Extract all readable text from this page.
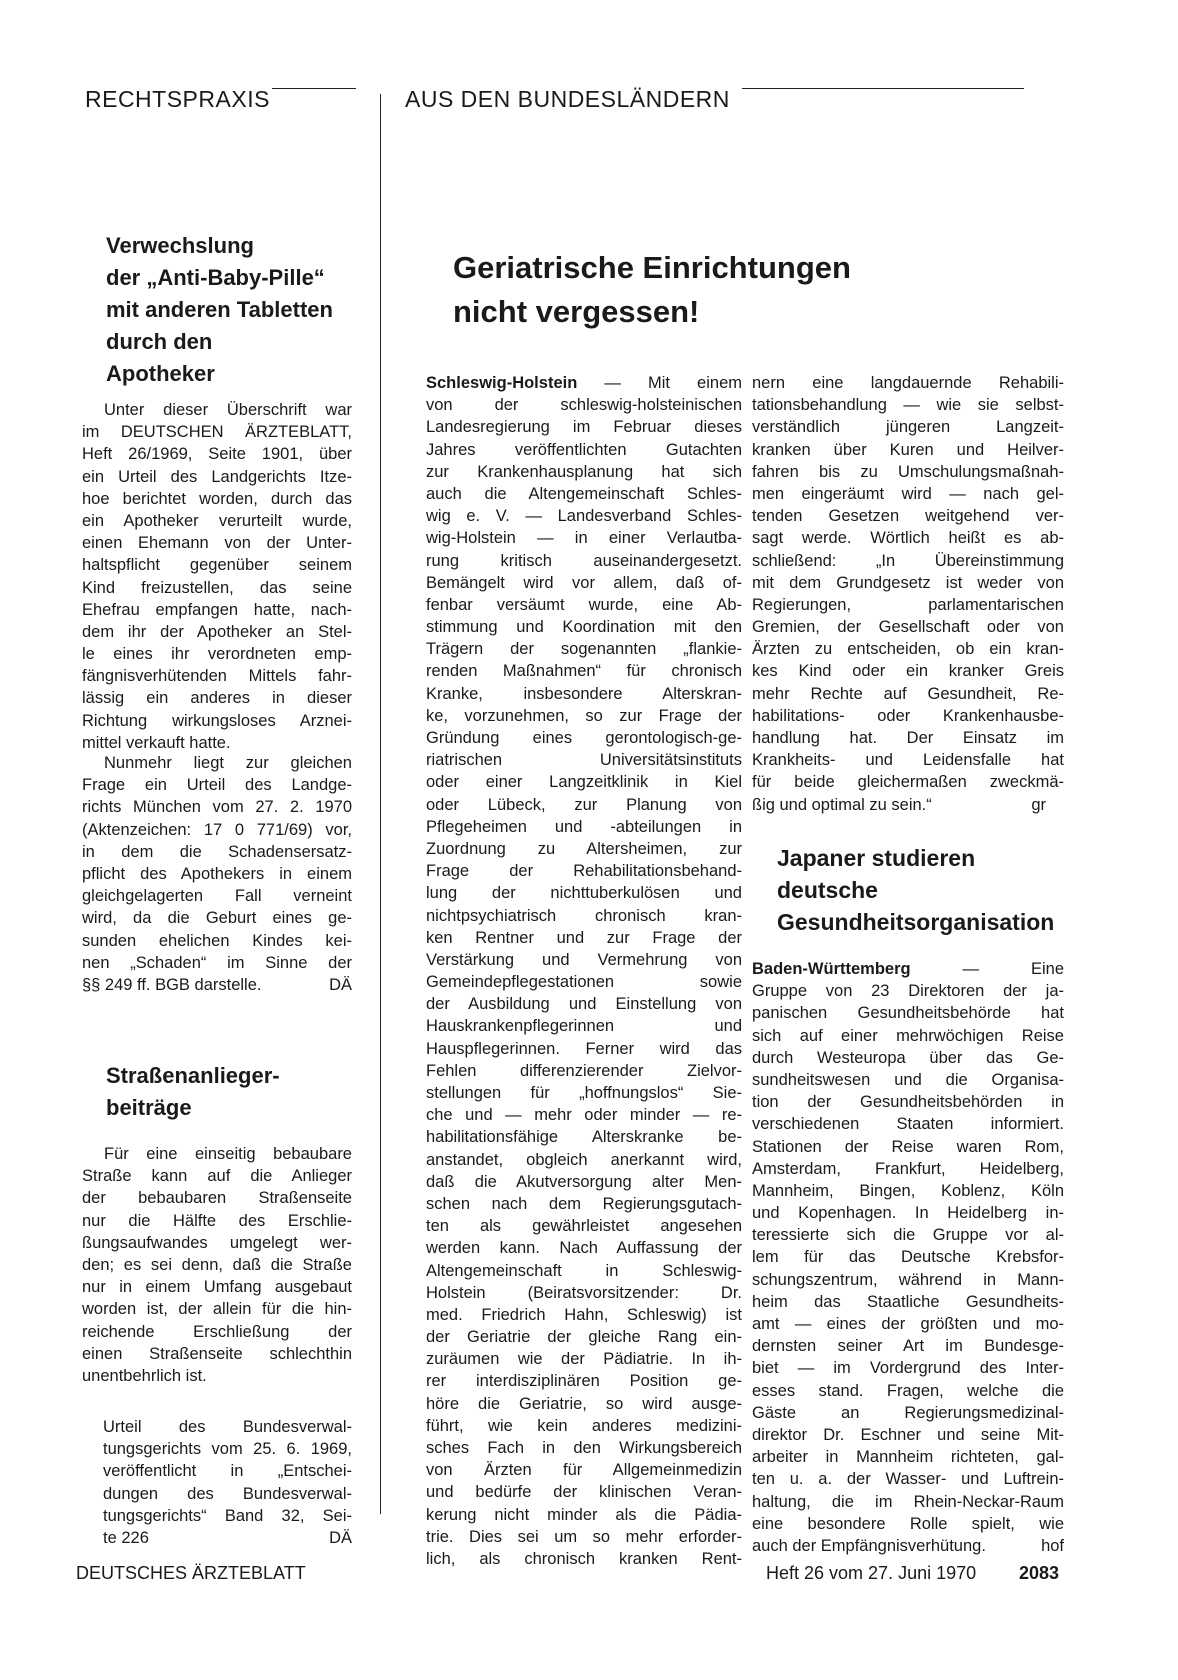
RECHTSPRAXIS	AUS DEN BUNDESLÄNDERN
Verwechslung
der „Anti-Baby-Pille“
mit anderen Tabletten
durch den
Apotheker
Unter dieser Überschrift war
im DEUTSCHEN ÄRZTEBLATT,
Heft 26/1969, Seite 1901, über
ein Urteil des Landgerichts Itze-
hoe berichtet worden, durch das
ein Apotheker verurteilt wurde,
einen Ehemann von der Unter-
haltspflicht gegenüber seinem
Kind freizustellen, das seine
Ehefrau empfangen hatte, nach-
dem ihr der Apotheker an Stel-
le eines ihr verordneten emp-
fängnisverhütenden Mittels fahr-
lässig ein anderes in dieser
Richtung wirkungsloses Arznei-
mittel verkauft hatte.
Nunmehr liegt zur gleichen
Frage ein Urteil des Landge-
richts München vom 27. 2. 1970
(Aktenzeichen: 17 0 771/69) vor,
in dem die Schadensersatz-
pflicht des Apothekers in einem
gleichgelagerten Fall verneint
wird, da die Geburt eines ge-
sunden ehelichen Kindes kei-
nen „Schaden“ im Sinne der
§§ 249 ff. BGB darstelle.	DÄ
Straßenanlieger-
beiträge
Für eine einseitig bebaubare
Straße kann auf die Anlieger
der bebaubaren Straßenseite
nur die Hälfte des Erschlie-
ßungsaufwandes umgelegt wer-
den; es sei denn, daß die Straße
nur in einem Umfang ausgebaut
worden ist, der allein für die hin-
reichende Erschließung der
einen Straßenseite schlechthin
unentbehrlich ist.
Urteil des Bundesverwal-
tungsgerichts vom 25. 6. 1969,
veröffentlicht in „Entschei-
dungen des Bundesverwal-
tungsgerichts“ Band 32, Sei-
te 226	DÄ
Geriatrische Einrichtungen
nicht vergessen!
Schleswig-Holstein — Mit einem
von der schleswig-holsteinischen
Landesregierung im Februar dieses
Jahres veröffentlichten Gutachten
zur Krankenhausplanung hat sich
auch die Altengemeinschaft Schles-
wig e. V. — Landesverband Schles-
wig-Holstein — in einer Verlautba-
rung kritisch auseinandergesetzt.
Bemängelt wird vor allem, daß of-
fenbar versäumt wurde, eine Ab-
stimmung und Koordination mit den
Trägern der sogenannten „flankie-
renden Maßnahmen“ für chronisch
Kranke, insbesondere Alterskran-
ke, vorzunehmen, so zur Frage der
Gründung eines gerontologisch-ge-
riatrischen Universitätsinstituts
oder einer Langzeitklinik in Kiel
oder Lübeck, zur Planung von
Pflegeheimen und -abteilungen in
Zuordnung zu Altersheimen, zur
Frage der Rehabilitationsbehand-
lung der nichttuberkulösen und
nichtpsychiatrisch chronisch kran-
ken Rentner und zur Frage der
Verstärkung und Vermehrung von
Gemeindepflegestationen sowie
der Ausbildung und Einstellung von
Hauskrankenpflegerinnen und
Hauspflegerinnen. Ferner wird das
Fehlen differenzierender Zielvor-
stellungen für „hoffnungslos“ Sie-
che und — mehr oder minder — re-
habilitationsfähige Alterskranke be-
anstandet, obgleich anerkannt wird,
daß die Akutversorgung alter Men-
schen nach dem Regierungsgutach-
ten als gewährleistet angesehen
werden kann. Nach Auffassung der
Altengemeinschaft in Schleswig-
Holstein (Beiratsvorsitzender: Dr.
med. Friedrich Hahn, Schleswig) ist
der Geriatrie der gleiche Rang ein-
zuräumen wie der Pädiatrie. In ih-
rer interdisziplinären Position ge-
höre die Geriatrie, so wird ausge-
führt, wie kein anderes medizini-
sches Fach in den Wirkungsbereich
von Ärzten für Allgemeinmedizin
und bedürfe der klinischen Veran-
kerung nicht minder als die Pädia-
trie. Dies sei um so mehr erforder-
lich, als chronisch kranken Rent-
nern eine langdauernde Rehabili-
tationsbehandlung — wie sie selbst-
verständlich jüngeren Langzeit-
kranken über Kuren und Heilver-
fahren bis zu Umschulungsmaßnah-
men eingeräumt wird — nach gel-
tenden Gesetzen weitgehend ver-
sagt werde. Wörtlich heißt es ab-
schließend: „In Übereinstimmung
mit dem Grundgesetz ist weder von
Regierungen, parlamentarischen
Gremien, der Gesellschaft oder von
Ärzten zu entscheiden, ob ein kran-
kes Kind oder ein kranker Greis
mehr Rechte auf Gesundheit, Re-
habilitations- oder Krankenhausbe-
handlung hat. Der Einsatz im
Krankheits- und Leidensfalle hat
für beide gleichermaßen zweckmä-
ßig und optimal zu sein.“	gr
Japaner studieren
deutsche
Gesundheitsorganisation
Baden-Württemberg — Eine
Gruppe von 23 Direktoren der ja-
panischen Gesundheitsbehörde hat
sich auf einer mehrwöchigen Reise
durch Westeuropa über das Ge-
sundheitswesen und die Organisa-
tion der Gesundheitsbehörden in
verschiedenen Staaten informiert.
Stationen der Reise waren Rom,
Amsterdam, Frankfurt, Heidelberg,
Mannheim, Bingen, Koblenz, Köln
und Kopenhagen. In Heidelberg in-
teressierte sich die Gruppe vor al-
lem für das Deutsche Krebsfor-
schungszentrum, während in Mann-
heim das Staatliche Gesundheits-
amt — eines der größten und mo-
dernsten seiner Art im Bundesge-
biet — im Vordergrund des Inter-
esses stand. Fragen, welche die
Gäste an Regierungsmedizinal-
direktor Dr. Eschner und seine Mit-
arbeiter in Mannheim richteten, gal-
ten u. a. der Wasser- und Luftrein-
haltung, die im Rhein-Neckar-Raum
eine besondere Rolle spielt, wie
auch der Empfängnisverhütung.	hof
DEUTSCHES ÄRZTEBLATT	Heft 26 vom 27. Juni 1970 2083
